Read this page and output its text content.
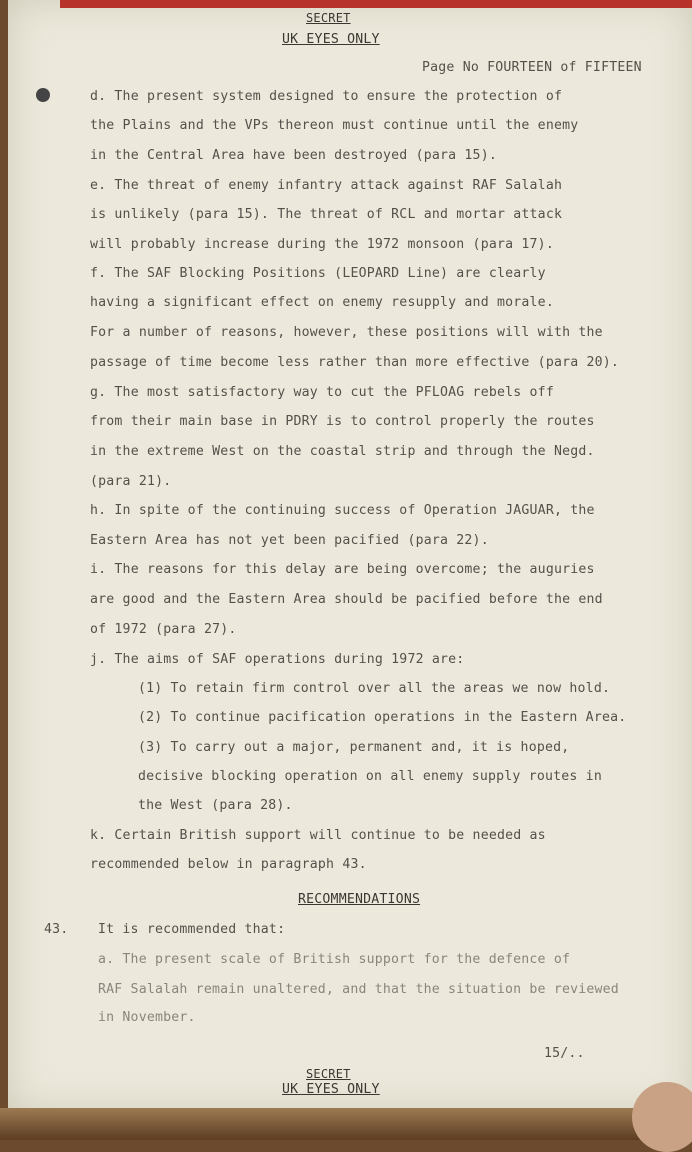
SECRET
UK EYES ONLY
Page No FOURTEEN of FIFTEEN
d. The present system designed to ensure the protection of
the Plains and the VPs thereon must continue until the enemy
in the Central Area have been destroyed (para 15).
e. The threat of enemy infantry attack against RAF Salalah
is unlikely (para 15). The threat of RCL and mortar attack
will probably increase during the 1972 monsoon (para 17).
f. The SAF Blocking Positions (LEOPARD Line) are clearly
having a significant effect on enemy resupply and morale.
For a number of reasons, however, these positions will with the
passage of time become less rather than more effective (para 20).
g. The most satisfactory way to cut the PFLOAG rebels off
from their main base in PDRY is to control properly the routes
in the extreme West on the coastal strip and through the Negd.
(para 21).
h. In spite of the continuing success of Operation JAGUAR, the
Eastern Area has not yet been pacified (para 22).
i. The reasons for this delay are being overcome; the auguries
are good and the Eastern Area should be pacified before the end
of 1972 (para 27).
j. The aims of SAF operations during 1972 are:
(1) To retain firm control over all the areas we now hold.
(2) To continue pacification operations in the Eastern Area.
(3) To carry out a major, permanent and, it is hoped,
decisive blocking operation on all enemy supply routes in
the West (para 28).
k. Certain British support will continue to be needed as
recommended below in paragraph 43.
RECOMMENDATIONS
43. It is recommended that:
a. The present scale of British support for the defence of
RAF Salalah remain unaltered, and that the situation be reviewed
in November.
15/..
SECRET
UK EYES ONLY
